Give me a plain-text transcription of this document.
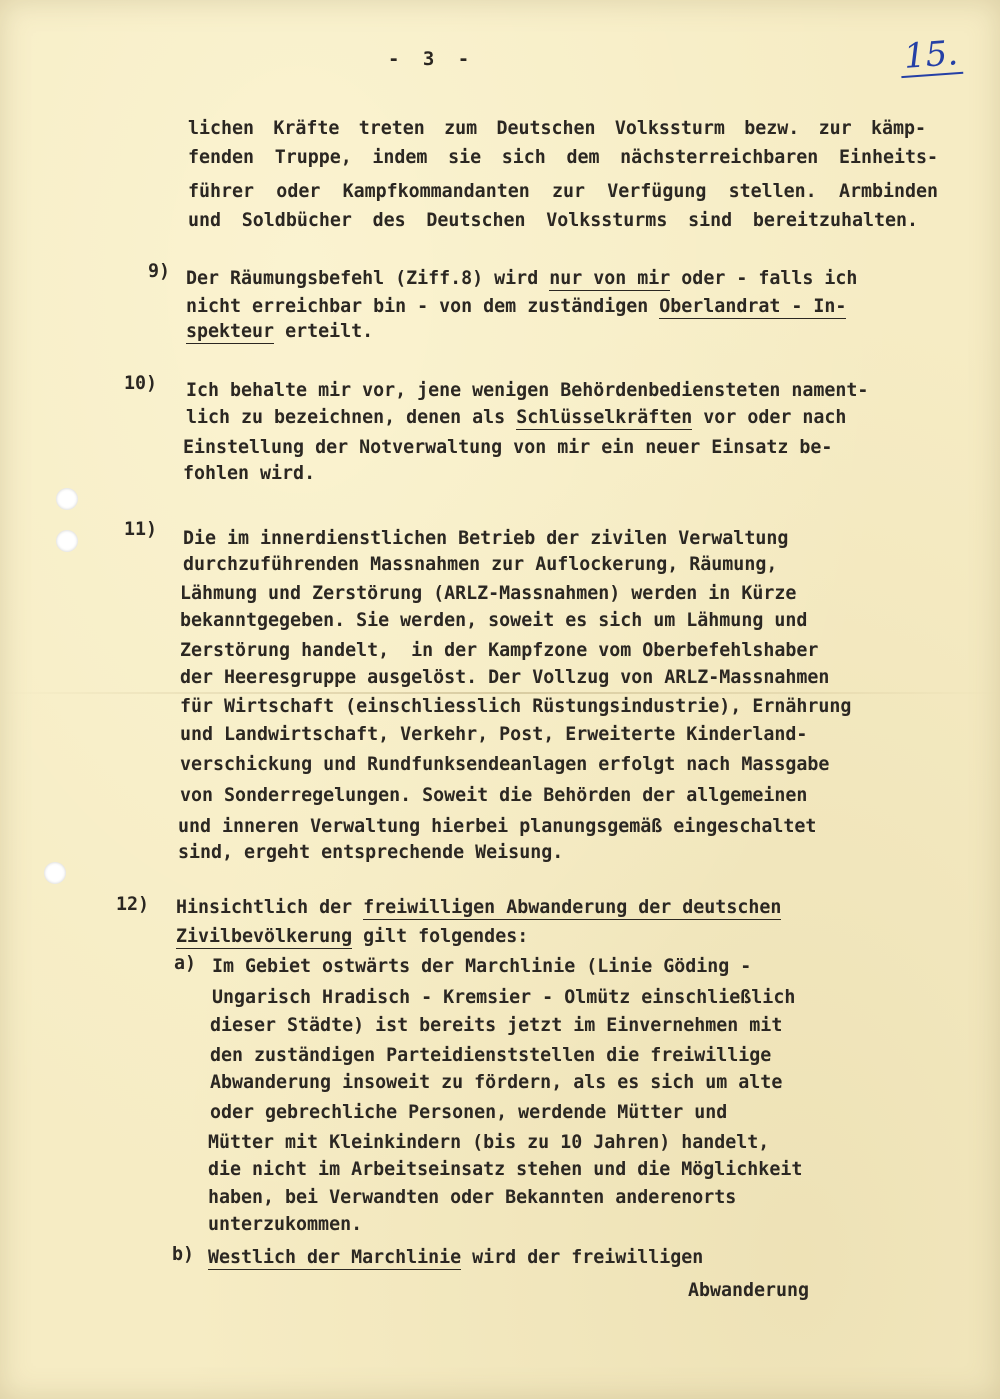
- 3 -	15.
lichen Kräfte treten zum Deutschen Volkssturm bezw. zur kämp-
fenden Truppe, indem sie sich dem nächsterreichbaren Einheits-
führer oder Kampfkommandanten zur Verfügung stellen. Armbinden
und Soldbücher des Deutschen Volkssturms sind bereitzuhalten.
9) Der Räumungsbefehl (Ziff.8) wird nur von mir oder - falls ich
nicht erreichbar bin - von dem zuständigen Oberlandrat - In-
spekteur erteilt.
10) Ich behalte mir vor, jene wenigen Behördenbediensteten nament-
lich zu bezeichnen, denen als Schlüsselkräften vor oder nach
Einstellung der Notverwaltung von mir ein neuer Einsatz be-
fohlen wird.
11) Die im innerdienstlichen Betrieb der zivilen Verwaltung
durchzuführenden Massnahmen zur Auflockerung, Räumung,
Lähmung und Zerstörung (ARLZ-Massnahmen) werden in Kürze
bekanntgegeben. Sie werden, soweit es sich um Lähmung und
Zerstörung handelt,  in der Kampfzone vom Oberbefehlshaber
der Heeresgruppe ausgelöst. Der Vollzug von ARLZ-Massnahmen
für Wirtschaft (einschliesslich Rüstungsindustrie), Ernährung
und Landwirtschaft, Verkehr, Post, Erweiterte Kinderland-
verschickung und Rundfunksendeanlagen erfolgt nach Massgabe
von Sonderregelungen. Soweit die Behörden der allgemeinen
und inneren Verwaltung hierbei planungsgemäß eingeschaltet
sind, ergeht entsprechende Weisung.
12) Hinsichtlich der freiwilligen Abwanderung der deutschen
Zivilbevölkerung gilt folgendes:
a) Im Gebiet ostwärts der Marchlinie (Linie Göding -
Ungarisch Hradisch - Kremsier - Olmütz einschließlich
dieser Städte) ist bereits jetzt im Einvernehmen mit
den zuständigen Parteidienststellen die freiwillige
Abwanderung insoweit zu fördern, als es sich um alte
oder gebrechliche Personen, werdende Mütter und
Mütter mit Kleinkindern (bis zu 10 Jahren) handelt,
die nicht im Arbeitseinsatz stehen und die Möglichkeit
haben, bei Verwandten oder Bekannten anderenorts
unterzukommen.
b) Westlich der Marchlinie wird der freiwilligen
Abwanderung
